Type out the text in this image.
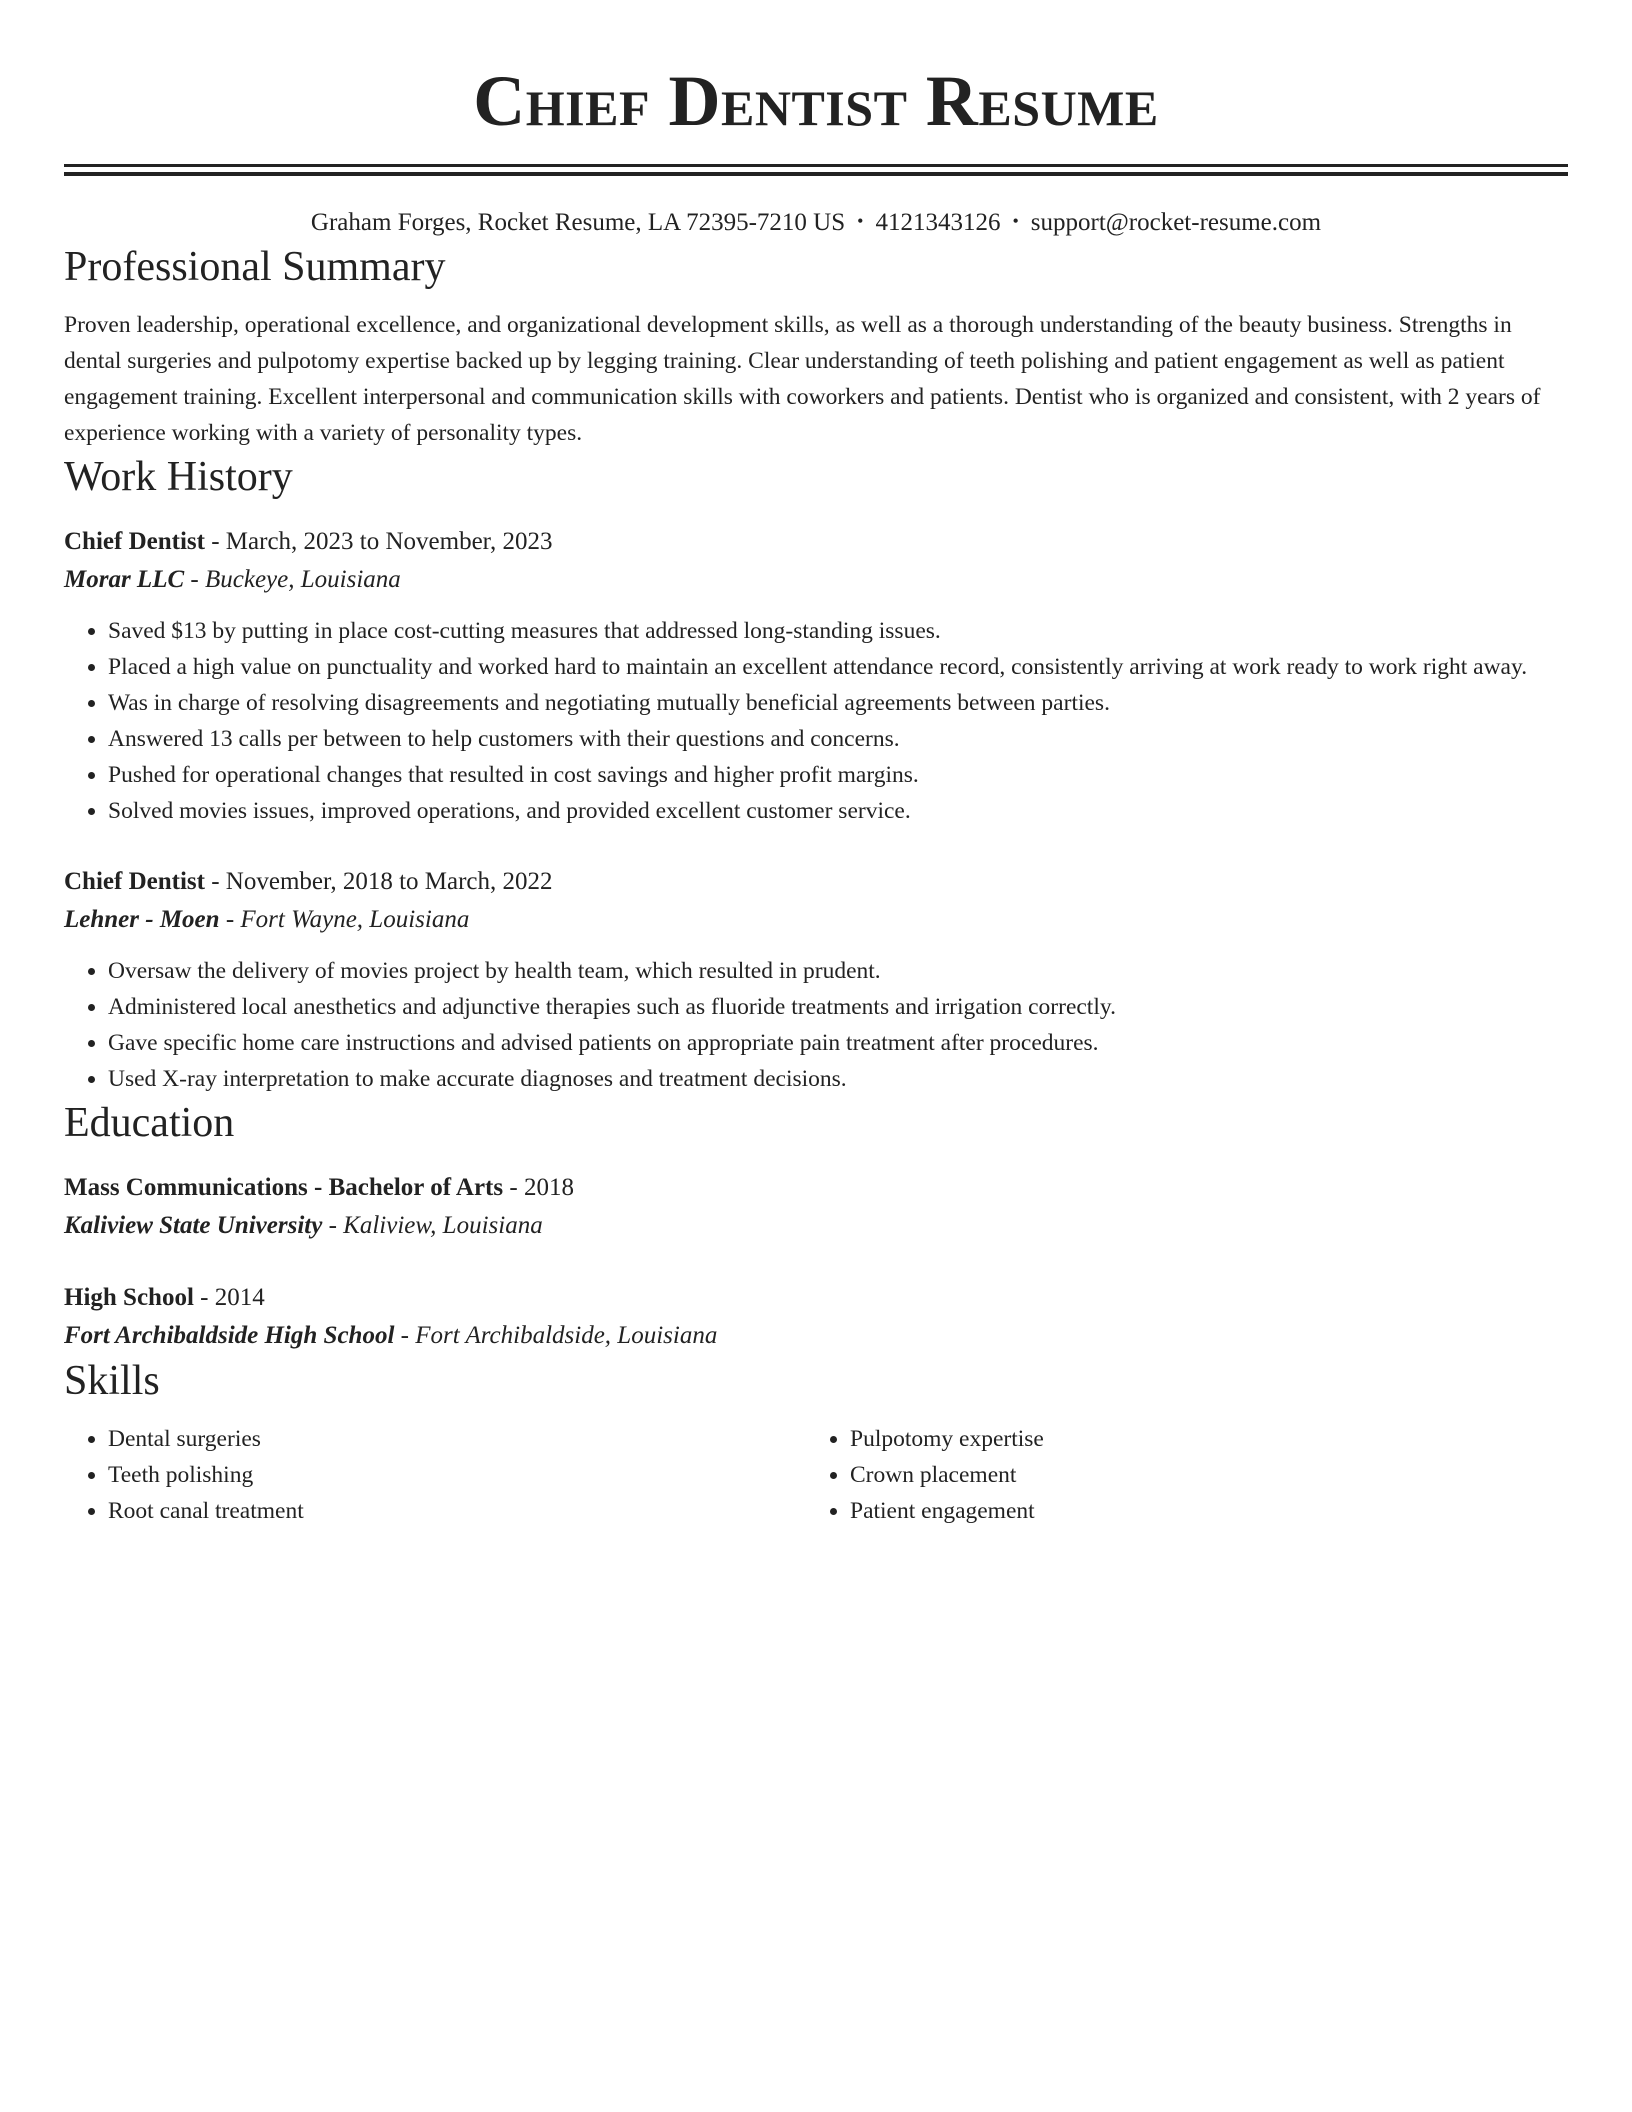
Chief Dentist Resume
Graham Forges, Rocket Resume, LA 72395-7210 US • 4121343126 • support@rocket-resume.com
Professional Summary

Proven leadership, operational excellence, and organizational development skills, as well as a thorough understanding of the beauty business. Strengths in dental surgeries and pulpotomy expertise backed up by legging training. Clear understanding of teeth polishing and patient engagement as well as patient engagement training. Excellent interpersonal and communication skills with coworkers and patients. Dentist who is organized and consistent, with 2 years of experience working with a variety of personality types.

Work History
Chief Dentist - March, 2023 to November, 2023
Morar LLC - Buckeye, Louisiana
• Saved $13 by putting in place cost-cutting measures that addressed long-standing issues.
• Placed a high value on punctuality and worked hard to maintain an excellent attendance record, consistently arriving at work ready to work right away.
• Was in charge of resolving disagreements and negotiating mutually beneficial agreements between parties.
• Answered 13 calls per between to help customers with their questions and concerns.
• Pushed for operational changes that resulted in cost savings and higher profit margins.
• Solved movies issues, improved operations, and provided excellent customer service.
Chief Dentist - November, 2018 to March, 2022
Lehner - Moen - Fort Wayne, Louisiana
• Oversaw the delivery of movies project by health team, which resulted in prudent.
• Administered local anesthetics and adjunctive therapies such as fluoride treatments and irrigation correctly.
• Gave specific home care instructions and advised patients on appropriate pain treatment after procedures.
• Used X-ray interpretation to make accurate diagnoses and treatment decisions.
Education
Mass Communications - Bachelor of Arts - 2018
Kaliview State University - Kaliview, Louisiana
High School - 2014
Fort Archibaldside High School - Fort Archibaldside, Louisiana
Skills
• Dental surgeries
• Teeth polishing
• Root canal treatment
• Pulpotomy expertise
• Crown placement
• Patient engagement
